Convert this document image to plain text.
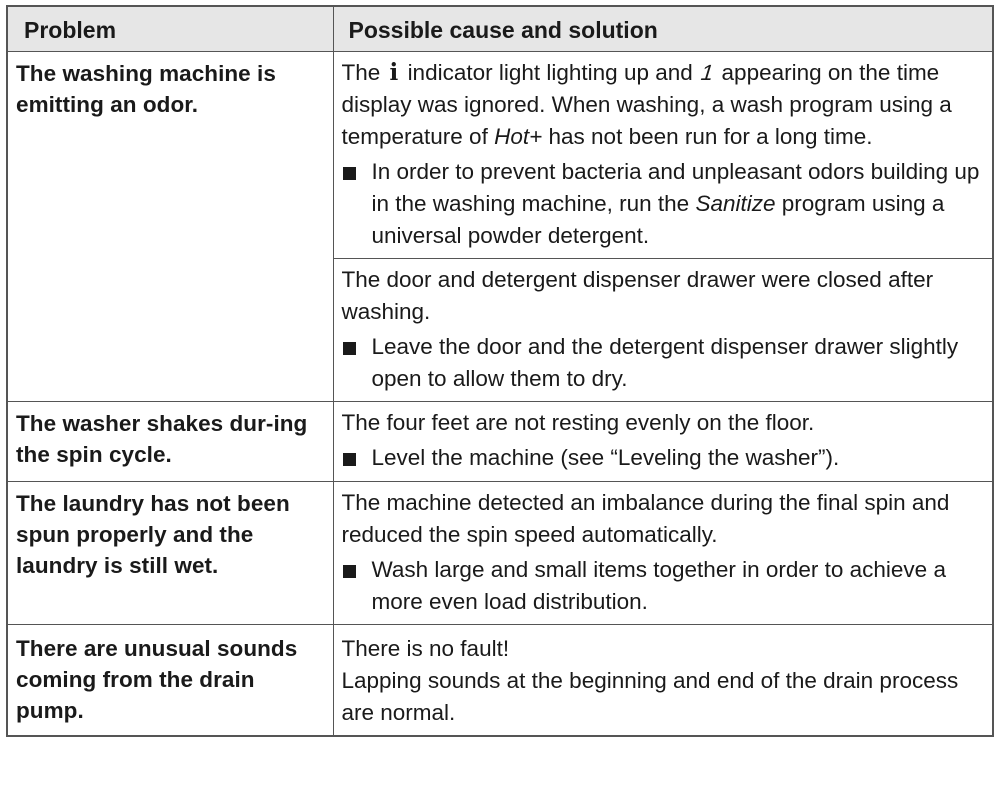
Problem	Possible cause and solution
The washing machine is emitting an odor.	The i indicator light lighting up and 1 appearing on the time display was ignored. When washing, a wash program using a temperature of Hot+ has not been run for a long time.

In order to prevent bacteria and unpleasant odors building up in the washing machine, run the Sanitize program using a universal powder detergent.

	The door and detergent dispenser drawer were closed after washing.

Leave the door and the detergent dispenser drawer slightly open to allow them to dry.

The washer shakes dur-ing the spin cycle.	The four feet are not resting evenly on the floor.

Level the machine (see “Leveling the washer”).

The laundry has not been spun properly and the laundry is still wet.	The machine detected an imbalance during the final spin and reduced the spin speed automatically.

Wash large and small items together in order to achieve a more even load distribution.

There are unusual sounds coming from the drain pump.	There is no fault!

Lapping sounds at the beginning and end of the drain process are normal.
